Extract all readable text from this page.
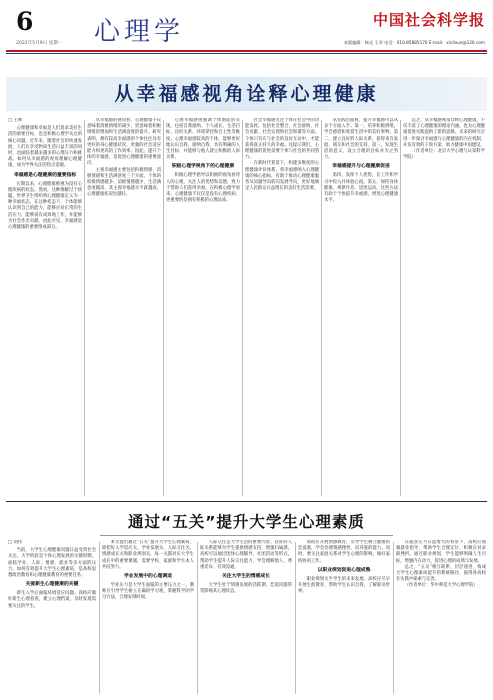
6
2022年5月9日 星期一 心理学	中国社会科学报
本版编辑：杨光 王翠 电话：010-85885170 E-mail：xinlixue@126.com
从幸福感视角诠释心理健康

□ 王帅

心理健康和幸福是人们追求美好生活的重要目标，也是积极心理学关注的核心问题。近年来，随着社会的快速发展，人们在享受物质生活日益丰富的同时，也面临着越来越多的心理压力和挑战。如何从幸福感的视角理解心理健康，成为学界关注的热点话题。

幸福感是心理健康的重要指标

长期以来，心理健康被视为没有心理疾病的状态。然而，这种理解过于狭隘。世界卫生组织将心理健康定义为一种幸福状态，在这种状态下，个体能够认识到自己的能力，能够应对正常的生活压力，能够富有成效地工作，并能够为社会作出贡献。由此可见，幸福感是心理健康的重要组成部分。

从幸福感的视角看，心理健康不仅意味着消极情绪的减少，更意味着积极情绪的增加和生活满意度的提升。研究表明，拥有较高幸福感的个体往往具有更好的身心健康状况，更强的社会适应能力和更高的工作效率。因此，提升个体的幸福感，是促进心理健康的重要途径。

主观幸福感主要包括积极情感、消极情感和生活满意度三个方面。个体的积极情感越多、消极情感越少、生活满意度越高，其主观幸福感水平就越高，心理健康状况也越好。

心理幸福感则强调个体潜能的实现，包括自我接纳、个人成长、生活目标、良好关系、环境掌控和自主性等维度。心理幸福感较高的个体，能够更好地认识自我、接纳自我，具有明确的人生目标，并能够与他人建立积极的人际关系。

积极心理学视角下的心理健康

积极心理学倡导以积极的视角看待人的心理，关注人的优势和美德，致力于帮助人们获得幸福。在积极心理学看来，心理健康不仅仅是没有心理疾病，更重要的是拥有积极的心理品质。

社会幸福感关注个体在社会中的功能发挥，包括社会整合、社会接纳、社会贡献、社会实现和社会和谐等方面。个体只有在与社会的良好互动中，才能获得真正持久的幸福。这提示我们，心理健康的促进需要个体与社会的共同努力。

在新时代背景下，构建多维度的心理健康评价体系，将幸福感纳入心理健康的核心指标，有助于推动心理健康服务从问题导向转向发展导向，更好地满足人民群众日益增长的美好生活需要。

从实践层面看，提升幸福感可以从多个方面入手。第一，培养积极情绪，学会感恩和欣赏生活中的美好事物。第二，建立良好的人际关系，获得来自家庭、朋友和社会的支持。第三，发现生活的意义，设立合理的目标并为之努力。

幸福感提升与心理健康促进

第四，发挥个人优势，在工作和学习中投入并体验心流。第五，保持身体健康，规律作息、适度运动。这些方法有助于个体提升幸福感，增进心理健康水平。

总之，从幸福感视角诠释心理健康，不仅丰富了心理健康的理论内涵，也为心理健康促进实践提供了新的思路。未来的研究应进一步探讨幸福感与心理健康的内在机制，开发有效的干预方案，助力健康中国建设。

（作者单位：北京大学心理与认知科学学院）

通过“五关”提升大学生心理素质

□ 刘伟

当前，大学生心理健康问题日益受到社会关注。大学阶段是个体心理发展的关键时期，面临学业、人际、情感、就业等多方面的压力。如何有效提升大学生心理素质，是高校思想政治教育和心理健康教育的重要任务。

关爱新生心理健康的关键

新生入学后面临环境适应问题。高校应做好新生心理普查，建立心理档案，及时发现需要关注的学生。

本文提出通过“五关”提升大学生心理素质，即把好入学适应关、学业发展关、人际交往关、情感成长关和职业规划关。每一关都对应大学生成长中的重要课题，需要学校、家庭和学生本人共同努力。

学业发展中的心理调适

学业压力是大学生面临的主要压力之一。教师应引导学生树立正确的学习观，掌握科学的学习方法，合理安排时间。

人际交往是大学生活的重要内容。良好的人际关系能够为学生提供情感支持，增强归属感。高校可以通过团体心理辅导、社团活动等形式，帮助学生提升人际交往能力，学会理解他人、尊重差异、有效沟通。

关注大学生的情感成长

大学生处于情感发展的活跃期，恋爱问题常常影响其心理状态。

高校应开展情感教育，引导学生树立健康的恋爱观，学会处理情感挫折，培养爱的能力。同时，要关注家庭关系对学生心理的影响，做好家校协同工作。

以职业规划促进心理成熟

职业规划关乎学生的未来发展。高校应尽早开展生涯教育，帮助学生认识自我、了解职业世界。

在就业压力日益增大的背景下，高校应加强就业指导，帮助学生合理定位、积极应对求职挫折。通过职业规划，学生能够明确人生目标，增强内在动力，促进心理的成熟与发展。

总之，“五关”相互联系、层层递进，构成大学生心理素质提升的系统路径，值得各高校在实践中探索与完善。

（作者单位：华中师范大学心理学院）
